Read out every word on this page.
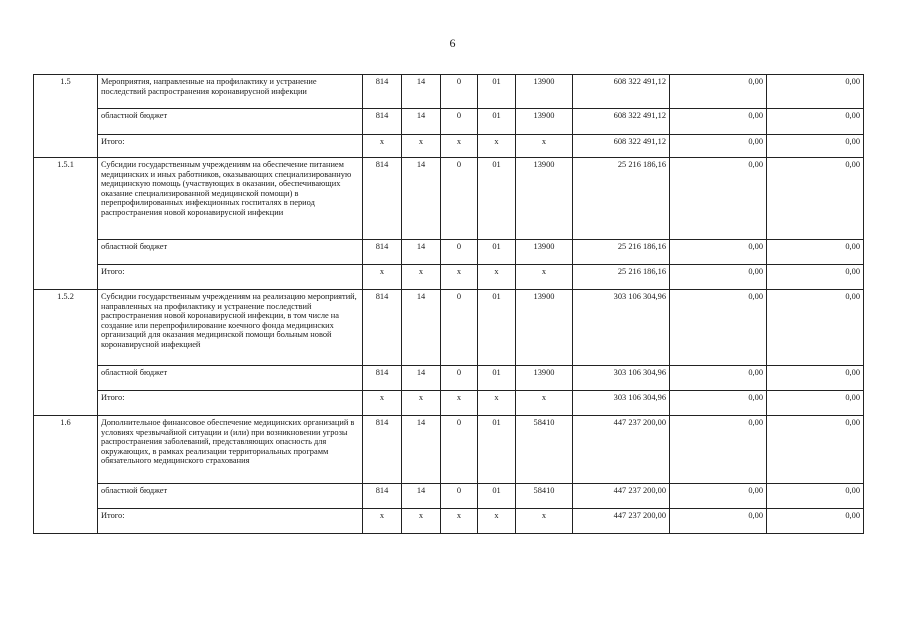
6
1.5	Мероприятия, направленные на профилактику и устранение последствий распространения коронавирусной инфекции	814	14	0	01	13900	608 322 491,12	0,00	0,00
	областной бюджет	814	14	0	01	13900	608 322 491,12	0,00	0,00
	Итого:	х	х	х	х	х	608 322 491,12	0,00	0,00
1.5.1	Субсидии государственным учреждениям на обеспечение питанием медицинских и иных работников, оказывающих специализированную медицинскую помощь (участвующих в оказании, обеспечивающих оказание специализированной медицинской помощи) в перепрофилированных инфекционных госпиталях в период распространения новой коронавирусной инфекции	814	14	0	01	13900	25 216 186,16	0,00	0,00
	областной бюджет	814	14	0	01	13900	25 216 186,16	0,00	0,00
	Итого:	х	х	х	х	х	25 216 186,16	0,00	0,00
1.5.2	Субсидии государственным учреждениям на реализацию мероприятий, направленных на профилактику и устранение последствий распространения новой коронавирусной инфекции, в том числе на создание или перепрофилирование коечного фонда медицинских организаций для оказания медицинской помощи больным новой коронавирусной инфекцией	814	14	0	01	13900	303 106 304,96	0,00	0,00
	областной бюджет	814	14	0	01	13900	303 106 304,96	0,00	0,00
	Итого:	х	х	х	х	х	303 106 304,96	0,00	0,00
1.6	Дополнительное финансовое обеспечение медицинских организаций в условиях чрезвычайной ситуации и (или) при возникновении угрозы распространения заболеваний, представляющих опасность для окружающих, в рамках реализации территориальных программ обязательного медицинского страхования	814	14	0	01	58410	447 237 200,00	0,00	0,00
	областной бюджет	814	14	0	01	58410	447 237 200,00	0,00	0,00
	Итого:	х	х	х	х	х	447 237 200,00	0,00	0,00
